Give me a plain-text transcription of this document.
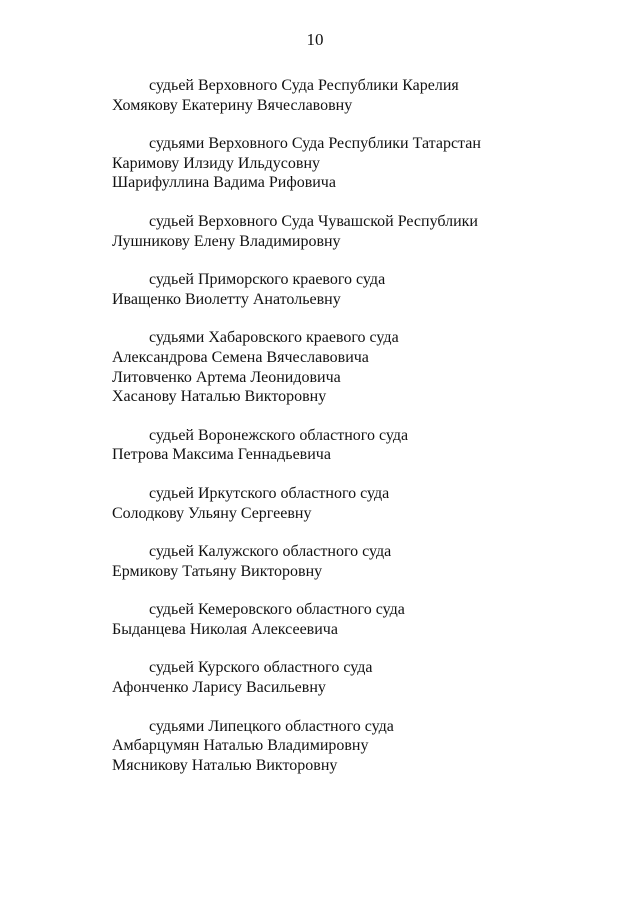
10
судьей Верховного Суда Республики Карелия
Хомякову Екатерину Вячеславовну
судьями Верховного Суда Республики Татарстан
Каримову Илзиду Ильдусовну
Шарифуллина Вадима Рифовича
судьей Верховного Суда Чувашской Республики
Лушникову Елену Владимировну
судьей Приморского краевого суда
Иващенко Виолетту Анатольевну
судьями Хабаровского краевого суда
Александрова Семена Вячеславовича
Литовченко Артема Леонидовича
Хасанову Наталью Викторовну
судьей Воронежского областного суда
Петрова Максима Геннадьевича
судьей Иркутского областного суда
Солодкову Ульяну Сергеевну
судьей Калужского областного суда
Ермикову Татьяну Викторовну
судьей Кемеровского областного суда
Быданцева Николая Алексеевича
судьей Курского областного суда
Афонченко Ларису Васильевну
судьями Липецкого областного суда
Амбарцумян Наталью Владимировну
Мясникову Наталью Викторовну
